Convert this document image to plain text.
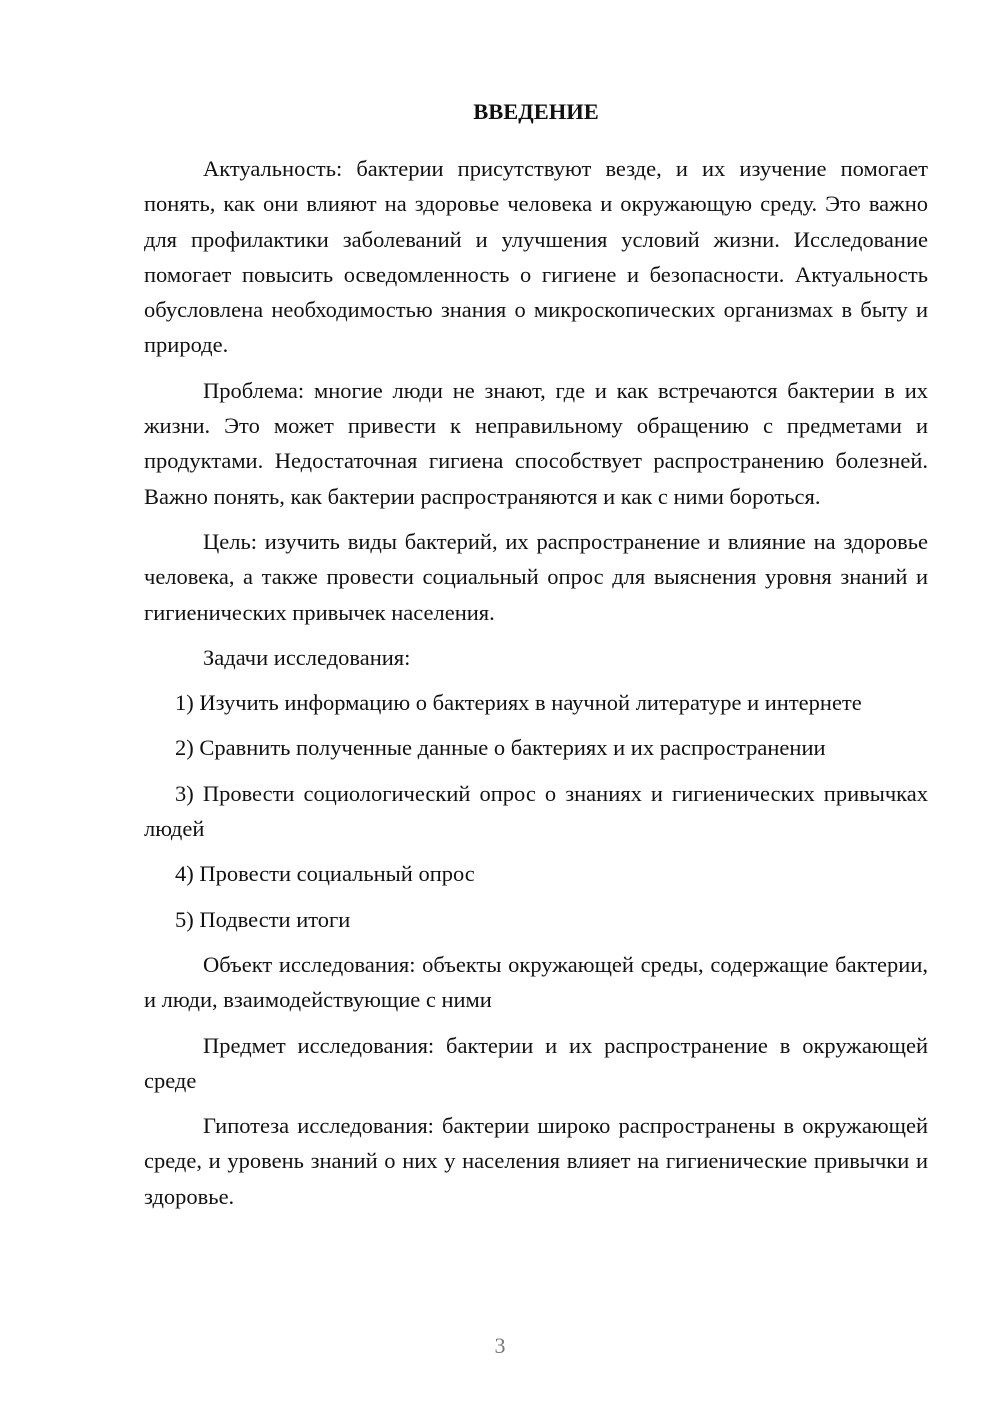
ВВЕДЕНИЕ

Актуальность: бактерии присутствуют везде, и их изучение помогает понять, как они влияют на здоровье человека и окружающую среду. Это важно для профилактики заболеваний и улучшения условий жизни. Исследование помогает повысить осведомленность о гигиене и безопасности. Актуальность обусловлена необходимостью знания о микроскопических организмах в быту и природе.

Проблема: многие люди не знают, где и как встречаются бактерии в их жизни. Это может привести к неправильному обращению с предметами и продуктами. Недостаточная гигиена способствует распространению болезней. Важно понять, как бактерии распространяются и как с ними бороться.

Цель: изучить виды бактерий, их распространение и влияние на здоровье человека, а также провести социальный опрос для выяснения уровня знаний и гигиенических привычек населения.

Задачи исследования:

1) Изучить информацию о бактериях в научной литературе и интернете

2) Сравнить полученные данные о бактериях и их распространении

3) Провести социологический опрос о знаниях и гигиенических привычках людей

4) Провести социальный опрос

5) Подвести итоги

Объект исследования: объекты окружающей среды, содержащие бактерии, и люди, взаимодействующие с ними

Предмет исследования: бактерии и их распространение в окружающей среде

Гипотеза исследования: бактерии широко распространены в окружающей среде, и уровень знаний о них у населения влияет на гигиенические привычки и здоровье.

3
